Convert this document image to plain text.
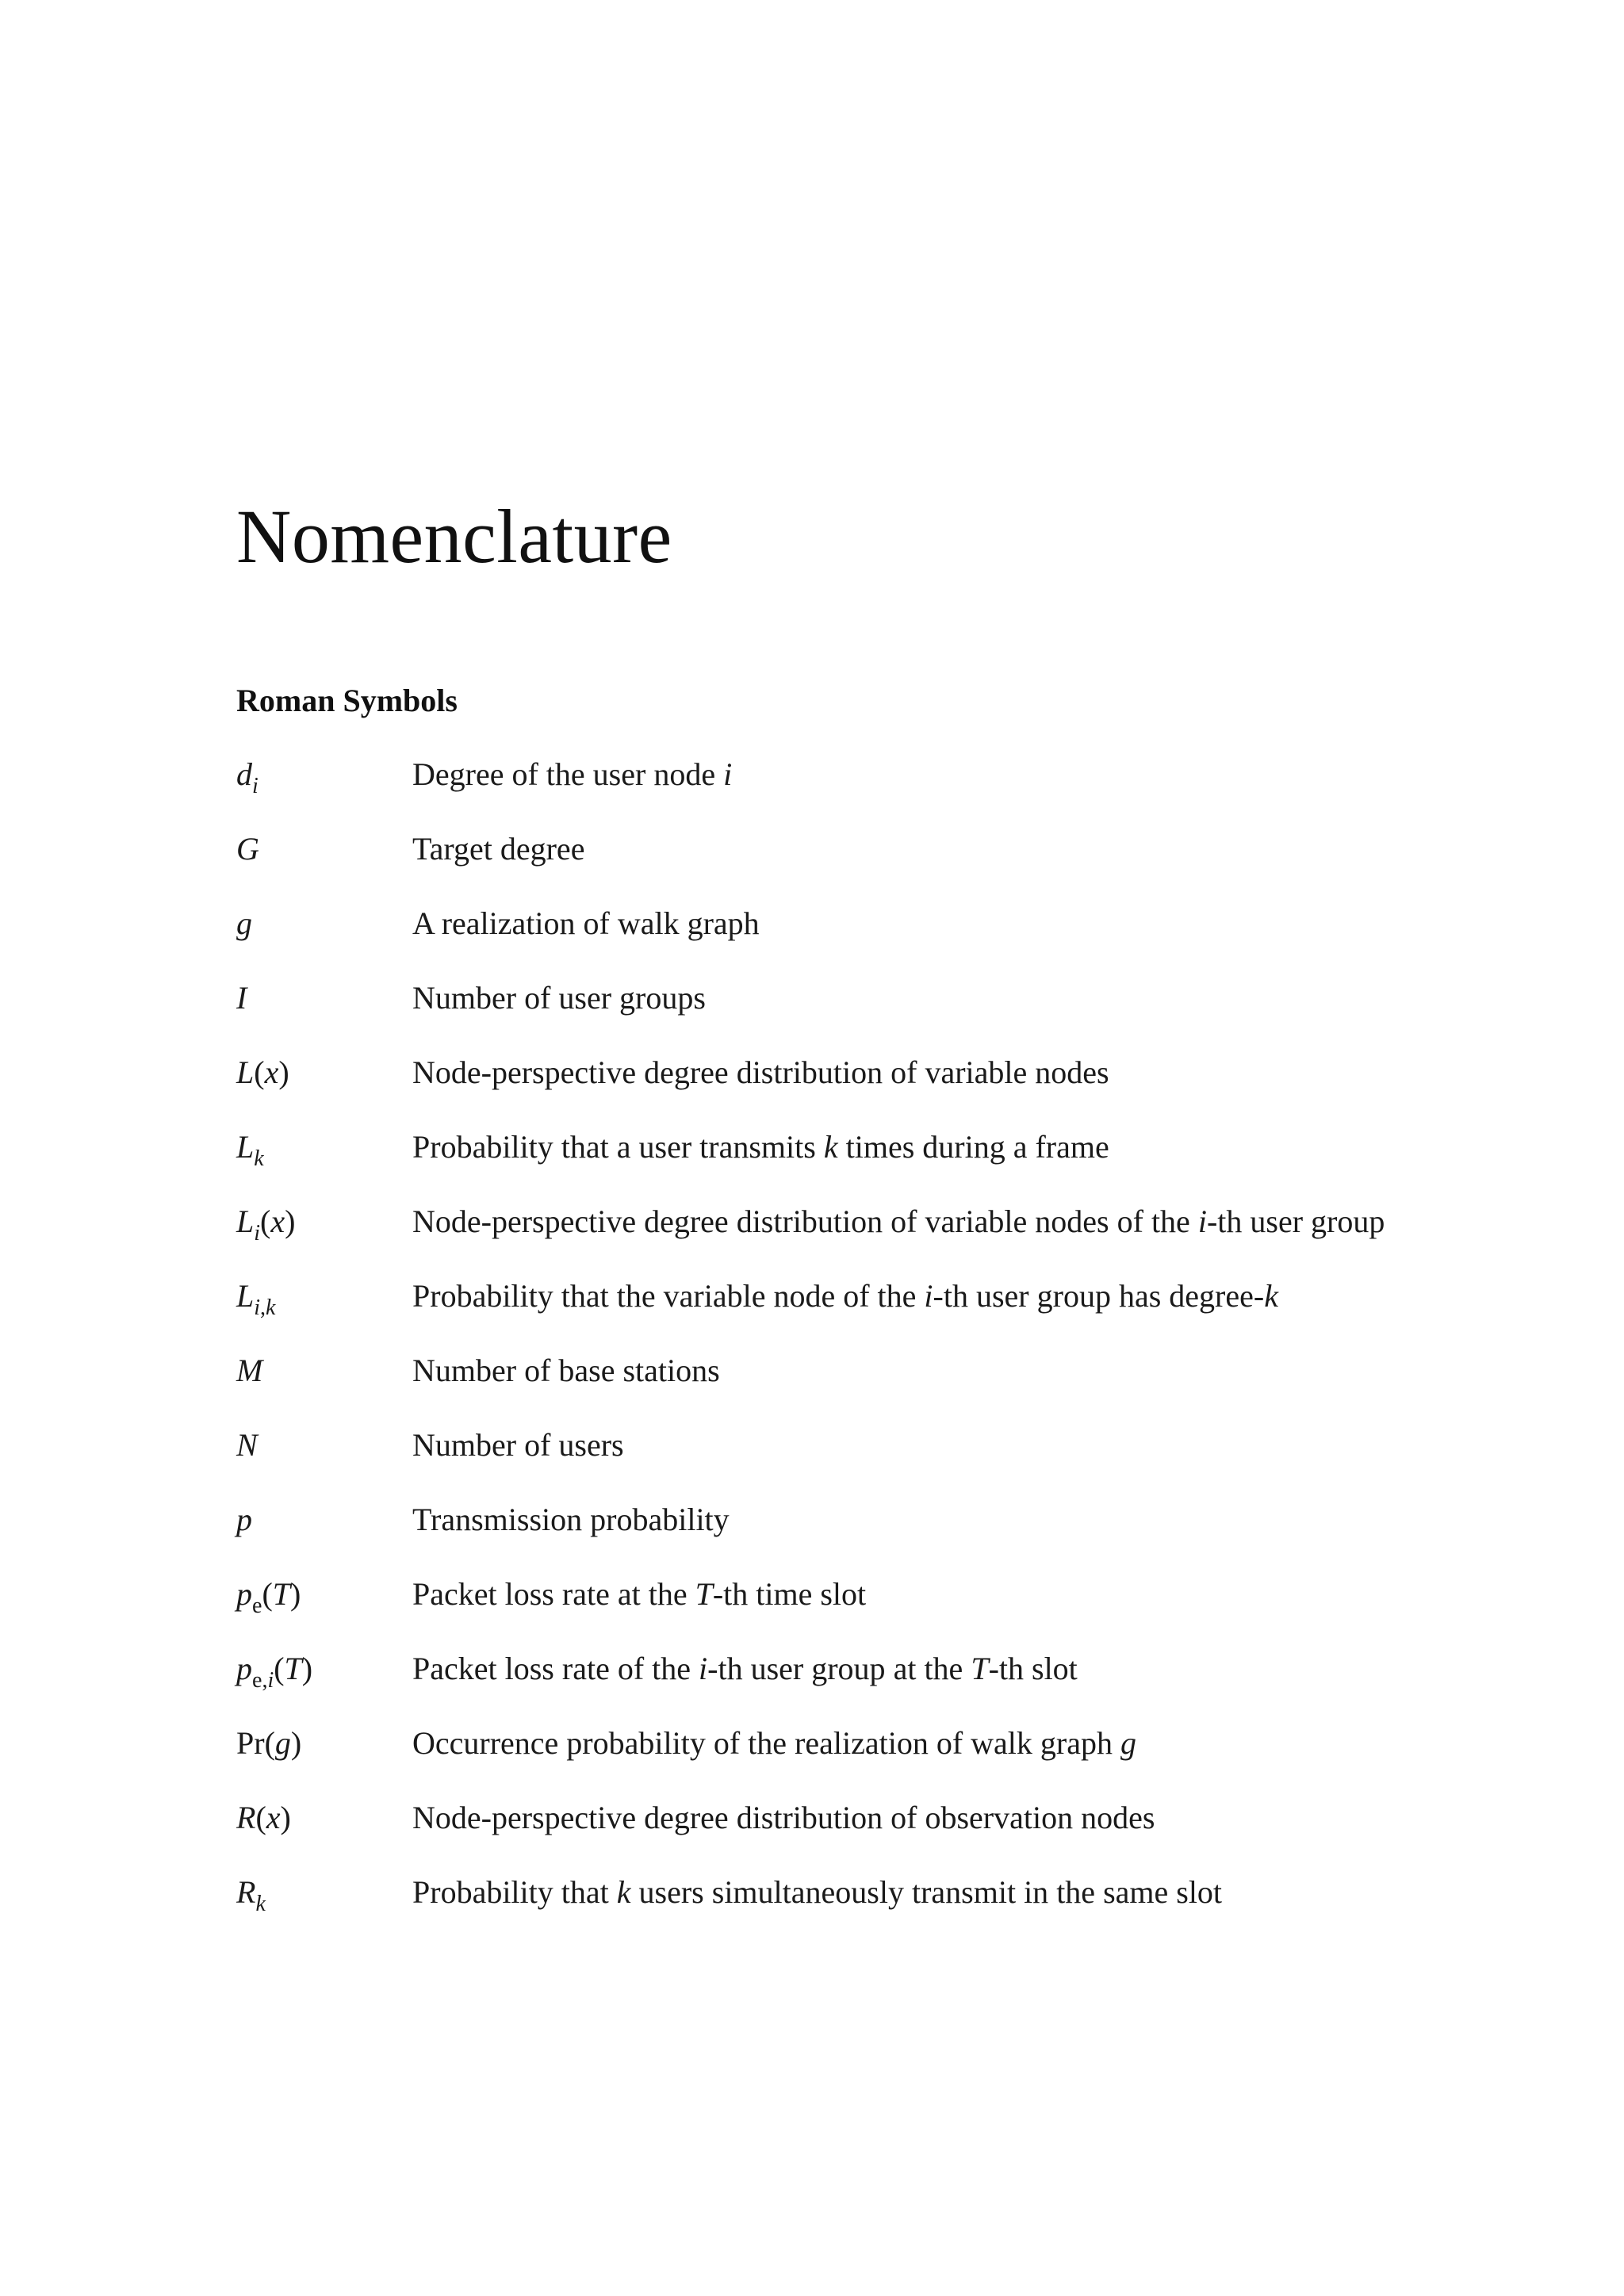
Nomenclature
Roman Symbols
$d_i$	Degree of the user node i
G	Target degree
g	A realization of walk graph
I	Number of user groups
L(x)	Node-perspective degree distribution of variable nodes
$L_k$	Probability that a user transmits k times during a frame
$L_i(x)$	Node-perspective degree distribution of variable nodes of the i-th user group
$L_{i,k}$	Probability that the variable node of the i-th user group has degree-k
M	Number of base stations
N	Number of users
p	Transmission probability
$p_e(T)$	Packet loss rate at the T-th time slot
$p_{e,i}(T)$	Packet loss rate of the i-th user group at the T-th slot
Pr(g)	Occurrence probability of the realization of walk graph g
R(x)	Node-perspective degree distribution of observation nodes
$R_k$	Probability that k users simultaneously transmit in the same slot
